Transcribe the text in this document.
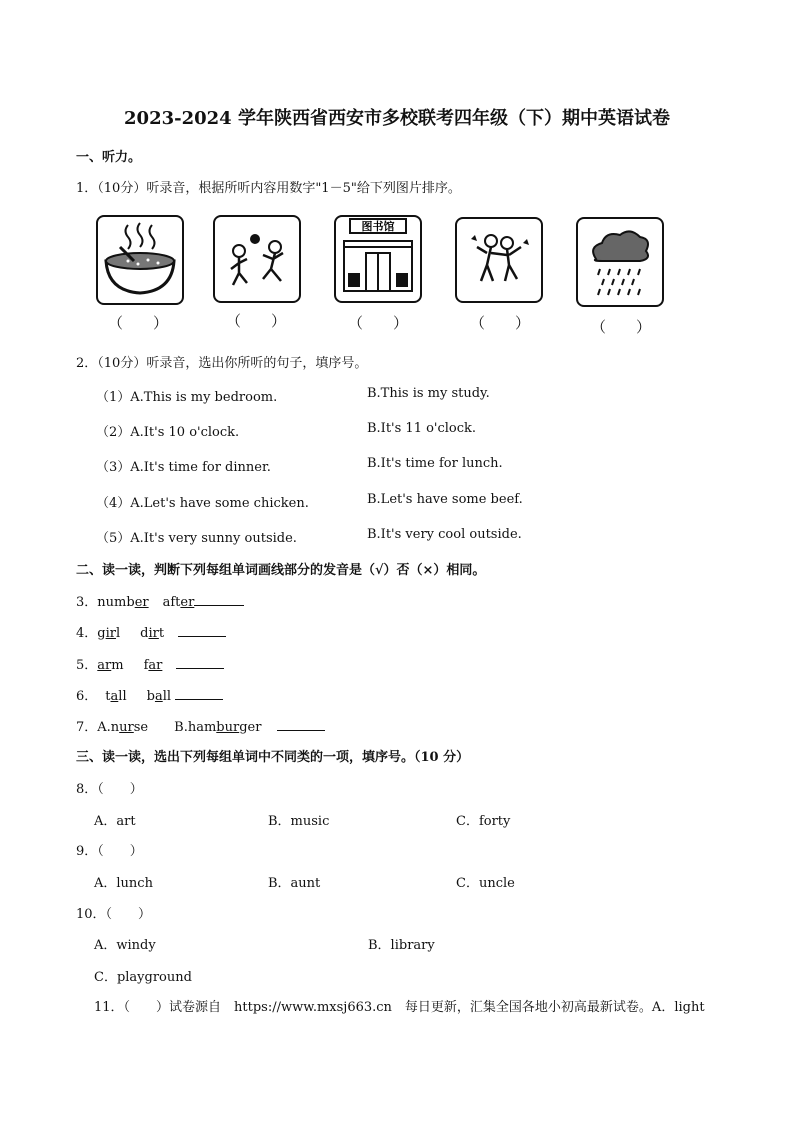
2023-2024 学年陕西省西安市多校联考四年级（下）期中英语试卷
一、听力。
1．（10分）听录音，根据所听内容用数字"1－5"给下列图片排序。
图书馆
（　　）	（　　）	（　　）	（　　）	（　　）
2．（10分）听录音，选出你所听的句子，填序号。
（1）A.This is my bedroom.	B.This is my study.
（2）A.It's 10 o'clock.	B.It's 11 o'clock.
（3）A.It's time for dinner.	B.It's time for lunch.
（4）A.Let's have some chicken.	B.Let's have some beef.
（5）A.It's very sunny outside.	B.It's very cool outside.
二、读一读，判断下列每组单词画线部分的发音是（√）否（×）相同。
3．number after
4．girl dirt
5．arm far
6． tall ball
7．A.nurse B.hamburger
三、读一读，选出下列每组单词中不同类的一项，填序号。（10 分）
8．（　　）
A．art	B．music	C．forty
9．（　　）
A．lunch	B．aunt	C．uncle
10．（　　）
A．windy	B．library
C．playground
11．（　　）试卷源自　https://www.mxsj663.cn　每日更新，汇集全国各地小初高最新试卷。A．light
